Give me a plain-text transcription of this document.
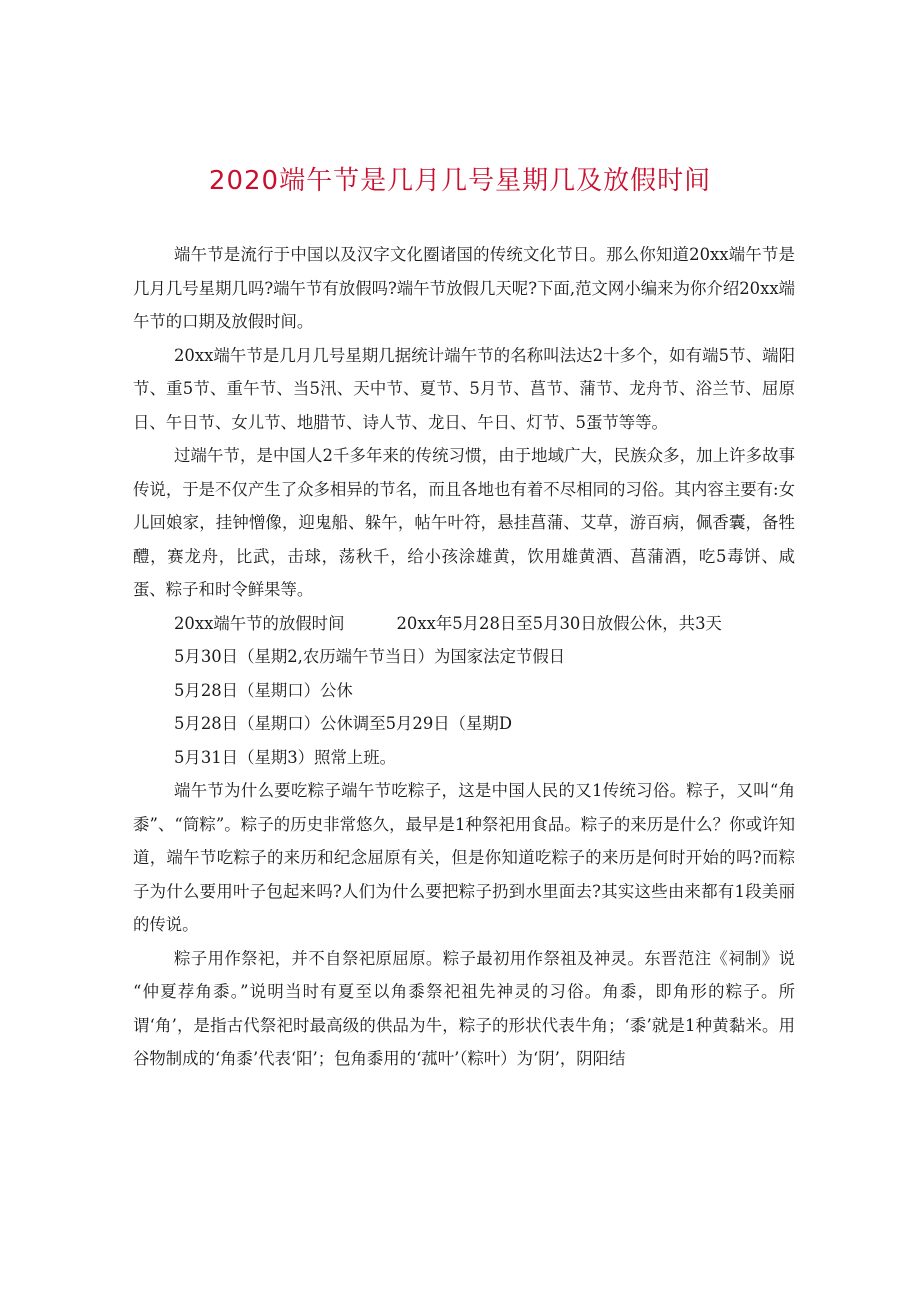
2020端午节是几月几号星期几及放假时间

端午节是流行于中国以及汉字文化圈诸国的传统文化节日。那么你知道20xx端午节是几月几号星期几吗?端午节有放假吗?端午节放假几天呢?下面,范文网小编来为你介绍20xx端午节的口期及放假时间。

20xx端午节是几月几号星期几据统计端午节的名称叫法达2十多个，如有端5节、端阳节、重5节、重午节、当5汛、天中节、夏节、5月节、菖节、蒲节、龙舟节、浴兰节、屈原日、午日节、女儿节、地腊节、诗人节、龙日、午日、灯节、5蛋节等等。

过端午节，是中国人2千多年来的传统习惯，由于地域广大，民族众多，加上许多故事传说，于是不仅产生了众多相异的节名，而且各地也有着不尽相同的习俗。其内容主要有:女儿回娘家，挂钟憎像，迎鬼船、躲午，帖午叶符，悬挂菖蒲、艾草，游百病，佩香囊，备牲醴，赛龙舟，比武，击球，荡秋千，给小孩涂雄黄，饮用雄黄酒、菖蒲酒，吃5毒饼、咸蛋、粽子和时令鲜果等。

20xx端午节的放假时间	20xx年5月28日至5月30日放假公休，共3天

5月30日（星期2,农历端午节当日）为国家法定节假日

5月28日（星期口）公休

5月28日（星期口）公休调至5月29日（星期D

5月31日（星期3）照常上班。

端午节为什么要吃粽子端午节吃粽子，这是中国人民的又1传统习俗。粽子，又叫“角黍”、“筒粽”。粽子的历史非常悠久，最早是1种祭祀用食品。粽子的来历是什么？你或许知道，端午节吃粽子的来历和纪念屈原有关，但是你知道吃粽子的来历是何时开始的吗?而粽子为什么要用叶子包起来吗?人们为什么要把粽子扔到水里面去?其实这些由来都有1段美丽的传说。

粽子用作祭祀，并不自祭祀原屈原。粽子最初用作祭祖及神灵。东晋范注《祠制》说 “仲夏荐角黍。”说明当时有夏至以角黍祭祀祖先神灵的习俗。角黍，即角形的粽子。所谓‘角’，是指古代祭祀时最高级的供品为牛，粽子的形状代表牛角；‘黍’就是1种黄黏米。用谷物制成的‘角黍’代表‘阳’；包角黍用的‘菰叶’（粽叶）为‘阴’，阴阳结
